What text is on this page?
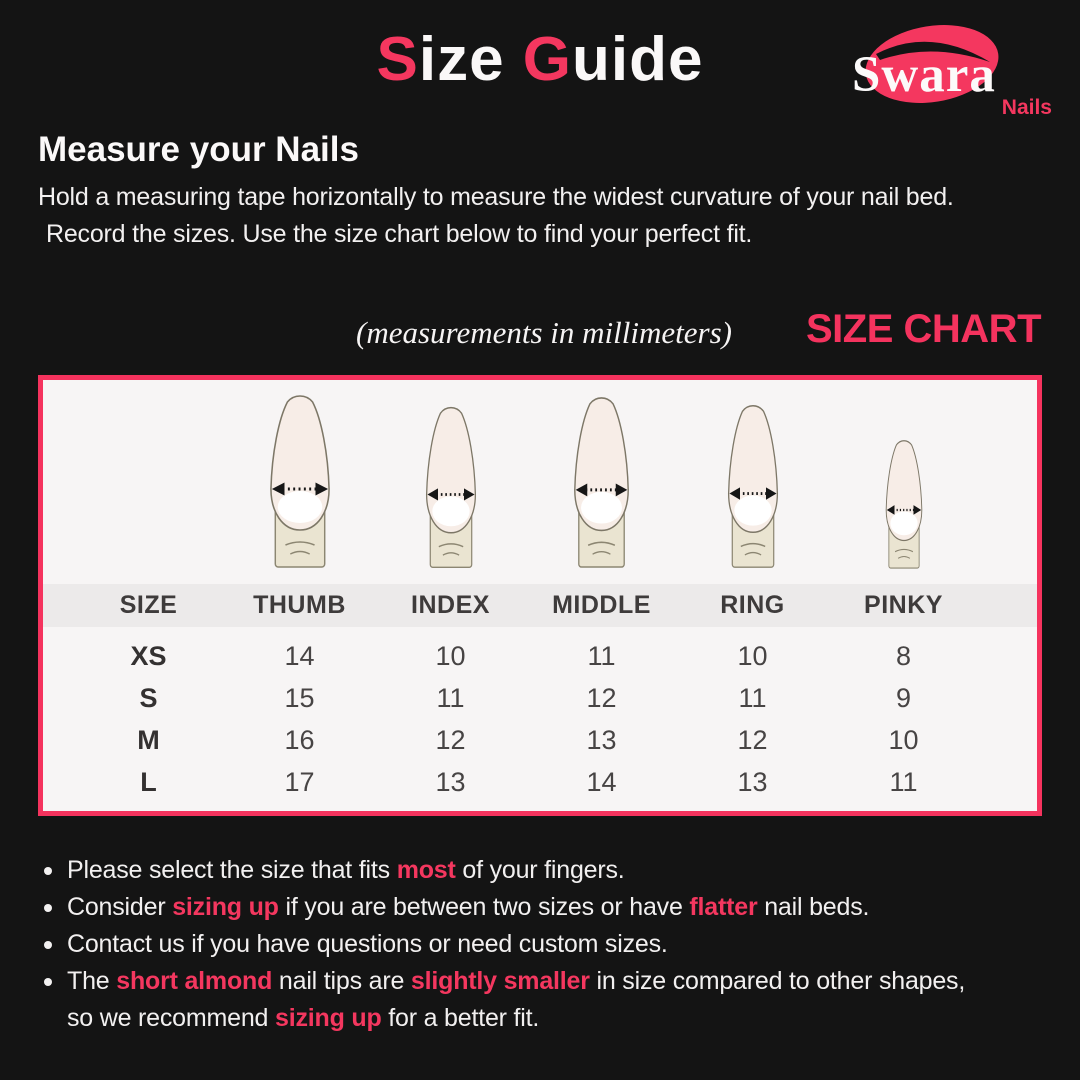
Size Guide	Swara
Nails
Measure your Nails

Hold a measuring tape horizontally to measure the widest curvature of your nail bed.

Record the sizes. Use the size chart below to find your perfect fit.

(measurements in millimeters) SIZE CHART
SIZE	THUMB	INDEX	MIDDLE	RING	PINKY
XS	14	10	11	10	8
S	15	11	12	11	9
M	16	12	13	12	10
L	17	13	14	13	11
Please select the size that fits most of your fingers.
Consider sizing up if you are between two sizes or have flatter nail beds.
Contact us if you have questions or need custom sizes.
The short almond nail tips are slightly smaller in size compared to other shapes,
so we recommend sizing up for a better fit.
